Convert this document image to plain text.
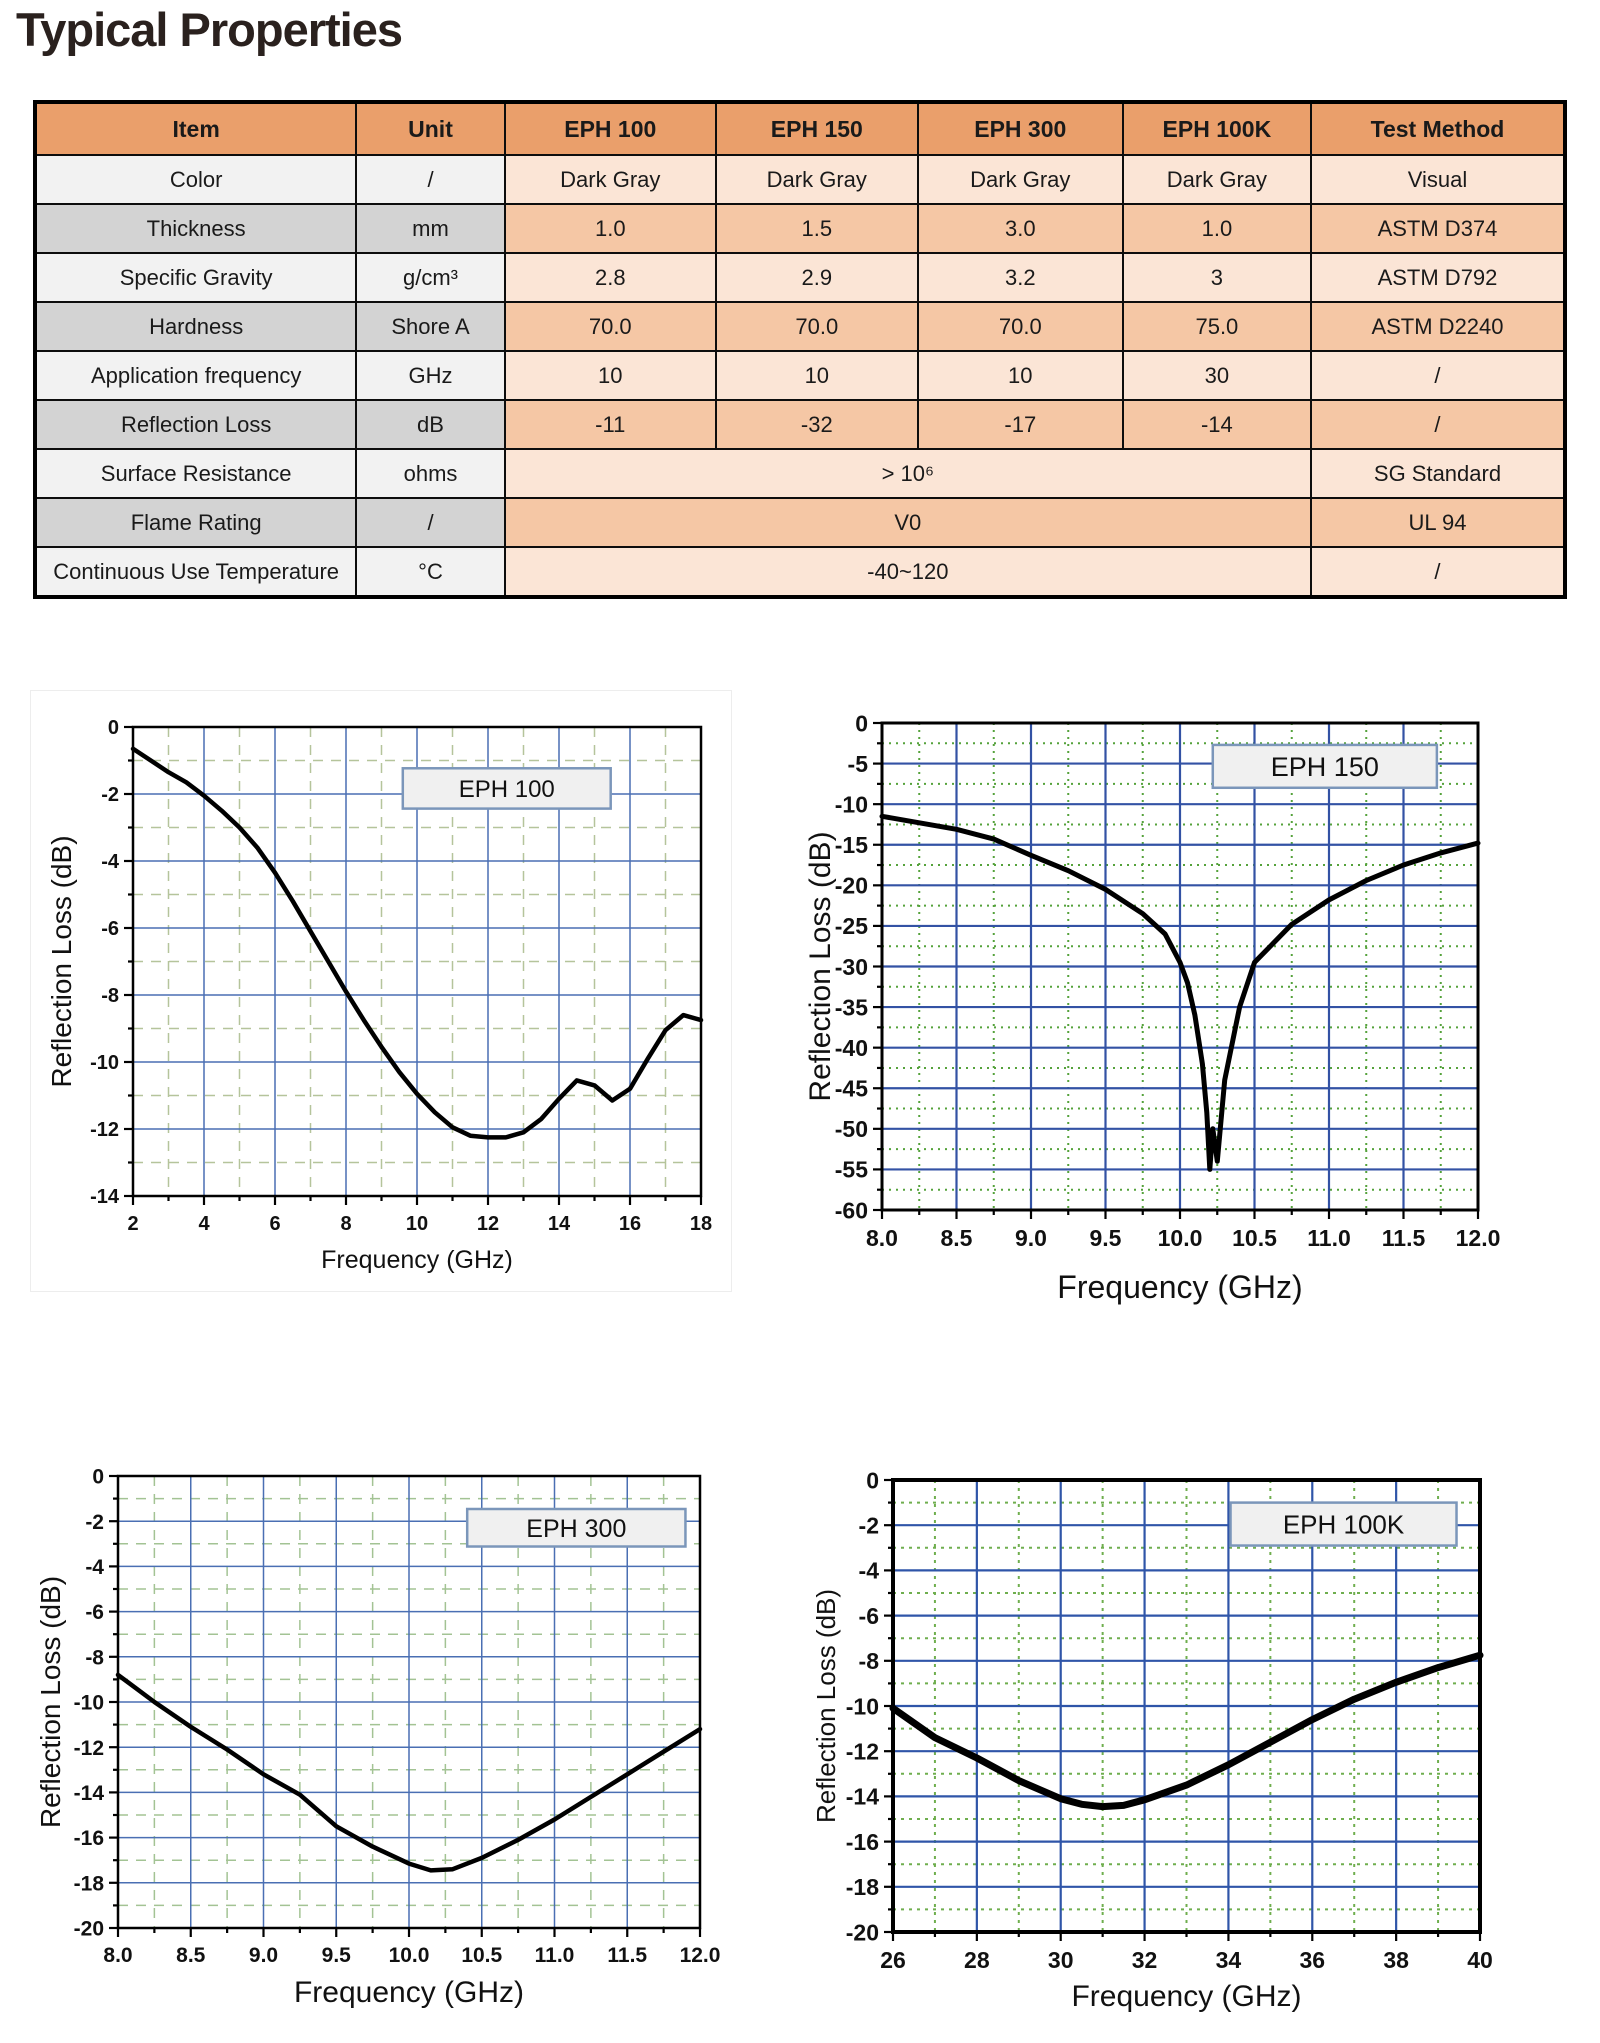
Typical Properties
Item	Unit	EPH 100	EPH 150	EPH 300	EPH 100K	Test Method
Color	/	Dark Gray	Dark Gray	Dark Gray	Dark Gray	Visual
Thickness	mm	1.0	1.5	3.0	1.0	ASTM D374
Specific Gravity	g/cm³	2.8	2.9	3.2	3	ASTM D792
Hardness	Shore A	70.0	70.0	70.0	75.0	ASTM D2240
Application frequency	GHz	10	10	10	30	/
Reflection Loss	dB	-11	-32	-17	-14	/
Surface Resistance	ohms	> 10⁶				SG Standard
Flame Rating	/	V0				UL 94
Continuous Use Temperature	°C	-40~120				/
2	4	6	8	10 12 14 16 18
-14
-12
-10
-8
-6
-4
-2
0
Frequency (GHz)
Reflection Loss (dB)
EPH 100
8.0 8.5 9.0 9.5 10.0 10.5 11.0 11.5 12.0
-60
-55
-50
-45
-40
-35
-30
-25
-20
-15
-10
-5
0
Frequency (GHz)
Reflection Loss (dB)
EPH 150
8.0 8.5 9.0 9.5 10.0 10.5 11.0 11.5 12.0
-20
-18
-16
-14
-12
-10
-8
-6
-4
-2
0
Frequency (GHz)
Reflection Loss (dB)
EPH 300
26	28	30	32	34	36	38	40
-20
-18
-16
-14
-12
-10
-8
-6
-4
-2
0
Frequency (GHz)
Reflection Loss (dB)
EPH 100K
